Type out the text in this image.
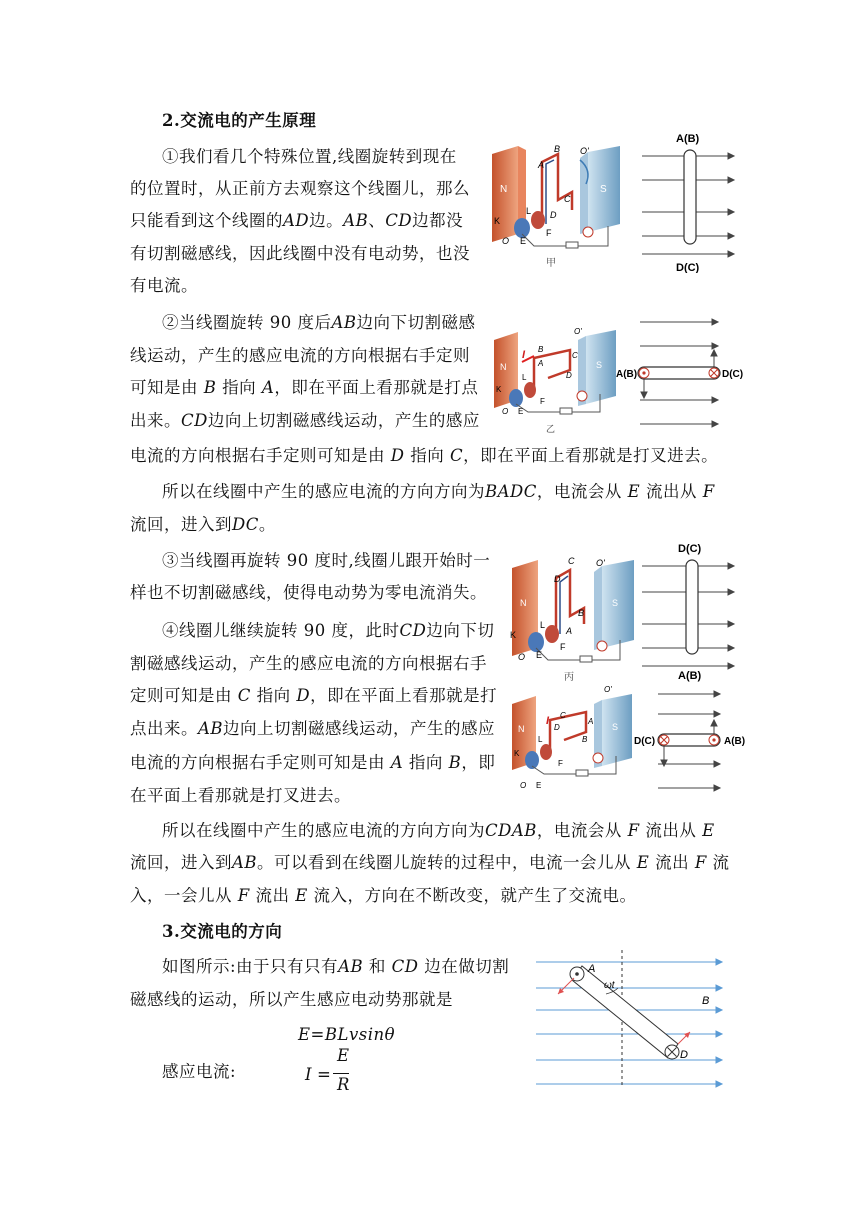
2.交流电的产生原理
①我们看几个特殊位置,线圈旋转到现在
的位置时，从正前方去观察这个线圈儿，那么
只能看到这个线圈的AD边。AB、CD边都没
有切割磁感线，因此线圈中没有电动势，也没
有电流。
②当线圈旋转 90 度后AB边向下切割磁感
线运动，产生的感应电流的方向根据右手定则
可知是由 B 指向 A，即在平面上看那就是打点
出来。CD边向上切割磁感线运动，产生的感应
电流的方向根据右手定则可知是由 D 指向 C，即在平面上看那就是打叉进去。
所以在线圈中产生的感应电流的方向方向为BADC，电流会从 E 流出从 F
流回，进入到DC。
③当线圈再旋转 90 度时,线圈儿跟开始时一
样也不切割磁感线，使得电动势为零电流消失。
④线圈儿继续旋转 90 度，此时CD边向下切
割磁感线运动，产生的感应电流的方向根据右手
定则可知是由 C 指向 D，即在平面上看那就是打
点出来。AB边向上切割磁感线运动，产生的感应
电流的方向根据右手定则可知是由 A 指向 B，即
在平面上看那就是打叉进去。
所以在线圈中产生的感应电流的方向方向为CDAB，电流会从 F 流出从 E
流回，进入到AB。可以看到在线圈儿旋转的过程中，电流一会儿从 E 流出 F 流
入，一会儿从 F 流出 E 流入，方向在不断改变，就产生了交流电。
3.交流电的方向
如图所示:由于只有只有AB 和 CD 边在做切割
磁感线的运动，所以产生感应电动势那就是
E=BLvsinθ
感应电流:	I =
E
R
N	S
A
B O'
C
D
L
K
F
O E
甲
A(B)
D(C)
N	S
I B
O'
A
C
D
L
K
F
O E
乙
A(B)	D(C)
N	S
C O'
D
B
A
L
K
F
O E
丙
D(C)
A(B)
N	S
I
O'
C
D
A
B
L
K
F
O E
D(C)	A(B)
A
D
ωt
B
